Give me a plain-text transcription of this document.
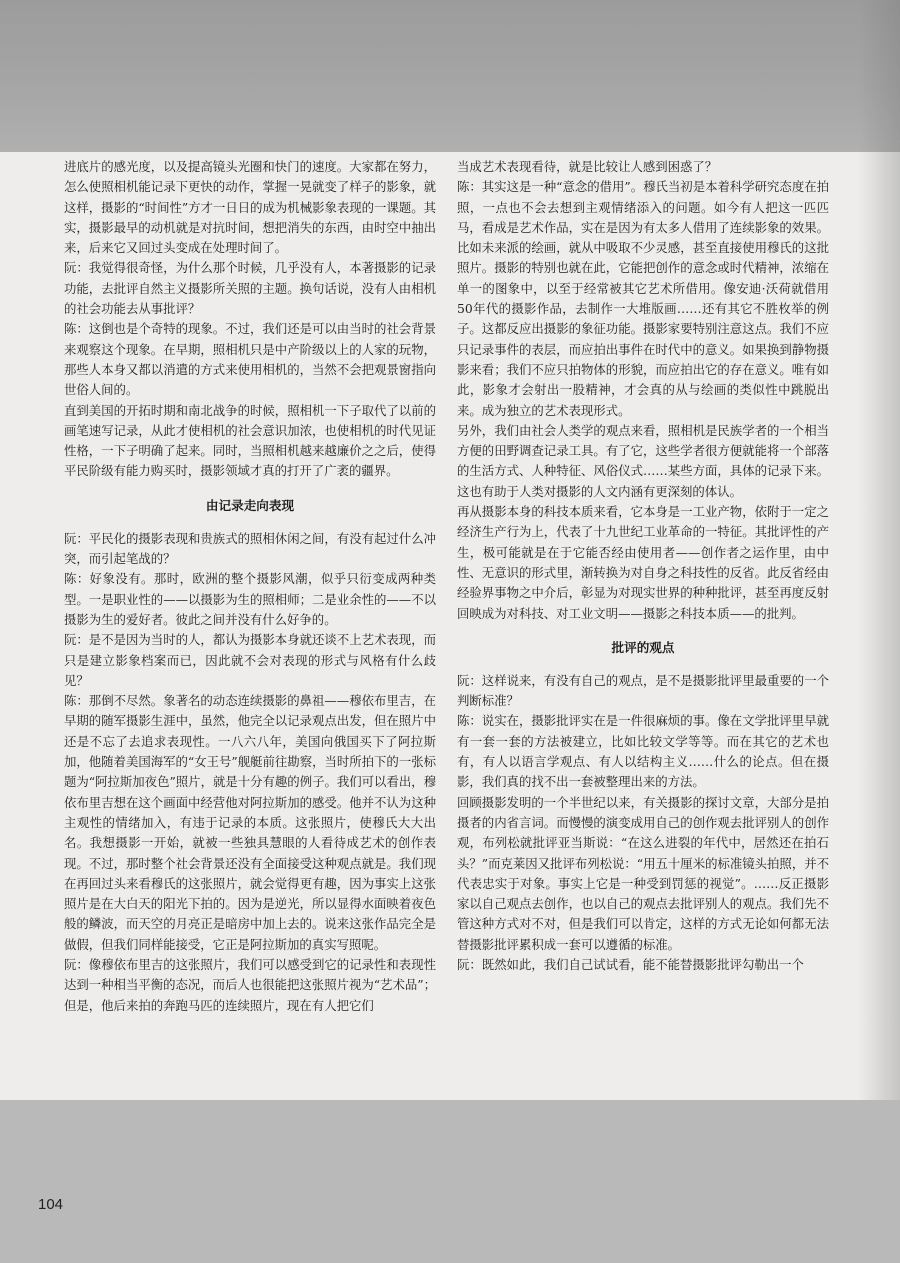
进底片的感光度，以及提高镜头光圈和快门的速度。大家都在努力，怎么使照相机能记录下更快的动作，掌握一晃就变了样子的影象，就这样，摄影的“时间性”方才一日日的成为机械影象表现的一课题。其实，摄影最早的动机就是对抗时间，想把消失的东西，由时空中抽出来，后来它又回过头变成在处理时间了。

阮：我觉得很奇怪，为什么那个时候，几乎没有人，本著摄影的记录功能，去批评自然主义摄影所关照的主题。换句话说，没有人由相机的社会功能去从事批评？

陈：这倒也是个奇特的现象。不过，我们还是可以由当时的社会背景来观察这个现象。在早期，照相机只是中产阶级以上的人家的玩物，那些人本身又都以消遣的方式来使用相机的，当然不会把观景窗指向世俗人间的。

直到美国的开拓时期和南北战争的时候，照相机一下子取代了以前的画笔速写记录，从此才使相机的社会意识加浓，也使相机的时代见证性格，一下子明确了起来。同时，当照相机越来越廉价之之后，使得平民阶级有能力购买时，摄影领域才真的打开了广袤的疆界。

由记录走向表现

阮：平民化的摄影表现和贵族式的照相休闲之间，有没有起过什么冲突，而引起笔战的？

陈：好象没有。那时，欧洲的整个摄影风潮，似乎只衍变成两种类型。一是职业性的——以摄影为生的照相师；二是业余性的——不以摄影为生的爱好者。彼此之间并没有什么好争的。

阮：是不是因为当时的人，都认为摄影本身就还谈不上艺术表现，而只是建立影象档案而已，因此就不会对表现的形式与风格有什么歧见？

陈：那倒不尽然。象著名的动态连续摄影的鼻祖——穆依布里吉，在早期的随军摄影生涯中，虽然，他完全以记录观点出发，但在照片中还是不忘了去追求表现性。一八六八年，美国向俄国买下了阿拉斯加，他随着美国海军的“女王号”舰艇前往勘察，当时所拍下的一张标题为“阿拉斯加夜色”照片，就是十分有趣的例子。我们可以看出，穆依布里吉想在这个画面中经营他对阿拉斯加的感受。他并不认为这种主观性的情绪加入，有违于记录的本质。这张照片，使穆氏大大出名。我想摄影一开始，就被一些独具慧眼的人看待成艺术的创作表现。不过，那时整个社会背景还没有全面接受这种观点就是。我们现在再回过头来看穆氏的这张照片，就会觉得更有趣，因为事实上这张照片是在大白天的阳光下拍的。因为是逆光，所以显得水面映着夜色般的鳞波，而天空的月亮正是暗房中加上去的。说来这张作品完全是做假，但我们同样能接受，它正是阿拉斯加的真实写照呢。

阮：像穆依布里吉的这张照片，我们可以感受到它的记录性和表现性达到一种相当平衡的态况，而后人也很能把这张照片视为“艺术品”；但是，他后来拍的奔跑马匹的连续照片，现在有人把它们

当成艺术表现看待，就是比较让人感到困惑了？

陈：其实这是一种“意念的借用”。穆氏当初是本着科学研究态度在拍照，一点也不会去想到主观情绪添入的问题。如今有人把这一匹匹马，看成是艺术作品，实在是因为有太多人借用了连续影象的效果。比如未来派的绘画，就从中吸取不少灵感，甚至直接使用穆氏的这批照片。摄影的特别也就在此，它能把创作的意念或时代精神，浓缩在单一的图象中，以至于经常被其它艺术所借用。像安迪·沃荷就借用50年代的摄影作品，去制作一大堆版画……还有其它不胜枚举的例子。这都反应出摄影的象征功能。摄影家要特别注意这点。我们不应只记录事件的表层，而应拍出事件在时代中的意义。如果换到静物摄影来看；我们不应只拍物体的形貌，而应拍出它的存在意义。唯有如此，影象才会射出一股精神，才会真的从与绘画的类似性中跳脱出来。成为独立的艺术表现形式。

另外，我们由社会人类学的观点来看，照相机是民族学者的一个相当方便的田野调查记录工具。有了它，这些学者很方便就能将一个部落的生活方式、人种特征、风俗仪式……某些方面，具体的记录下来。这也有助于人类对摄影的人文内涵有更深刻的体认。

再从摄影本身的科技本质来看，它本身是一工业产物，依附于一定之经济生产行为上，代表了十九世纪工业革命的一特征。其批评性的产生，极可能就是在于它能否经由使用者——创作者之运作里，由中性、无意识的形式里，渐转换为对自身之科技性的反省。此反省经由经验界事物之中介后，彰显为对现实世界的种种批评，甚至再度反射回映成为对科技、对工业文明——摄影之科技本质——的批判。

批评的观点

阮：这样说来，有没有自己的观点，是不是摄影批评里最重要的一个判断标准？

陈：说实在，摄影批评实在是一件很麻烦的事。像在文学批评里早就有一套一套的方法被建立，比如比较文学等等。而在其它的艺术也有，有人以语言学观点、有人以结构主义……什么的论点。但在摄影，我们真的找不出一套被整理出来的方法。

回顾摄影发明的一个半世纪以来，有关摄影的探讨文章，大部分是拍摄者的内省言词。而慢慢的演变成用自己的创作观去批评别人的创作观，布列松就批评亚当斯说：“在这么进裂的年代中，居然还在拍石头？”而克莱因又批评布列松说：“用五十厘米的标准镜头拍照，并不代表忠实于对象。事实上它是一种受到罚惩的视觉”。……反正摄影家以自己观点去创作，也以自己的观点去批评别人的观点。我们先不管这种方式对不对，但是我们可以肯定，这样的方式无论如何都无法替摄影批评累积成一套可以遵循的标准。

阮：既然如此，我们自己试试看，能不能替摄影批评勾勒出一个

104
